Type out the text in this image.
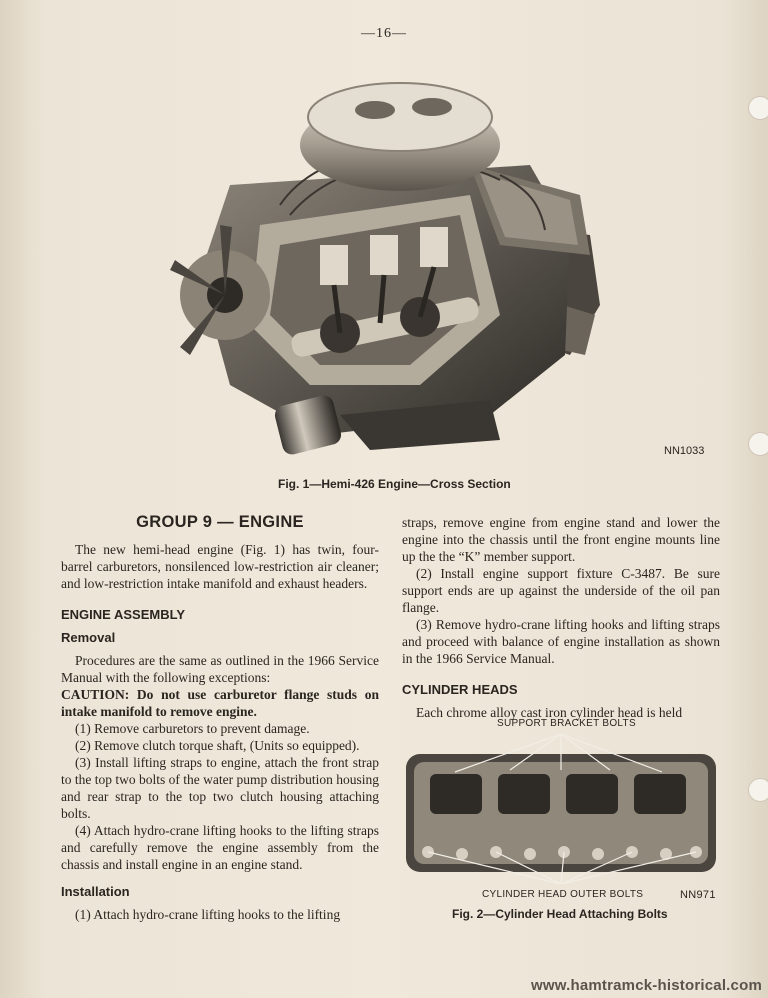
—16—
NN1033
Fig. 1—Hemi-426 Engine—Cross Section
GROUP 9 — ENGINE

The new hemi-head engine (Fig. 1) has twin, four-barrel carburetors, nonsilenced low-restriction air cleaner; and low-restriction intake manifold and exhaust headers.

ENGINE ASSEMBLY
Removal

Procedures are the same as outlined in the 1966 Service Manual with the following exceptions:

CAUTION: Do not use carburetor flange studs on intake manifold to remove engine.

(1) Remove carburetors to prevent damage.

(2) Remove clutch torque shaft, (Units so equipped).

(3) Install lifting straps to engine, attach the front strap to the top two bolts of the water pump distribution housing and rear strap to the top two clutch housing attaching bolts.

(4) Attach hydro-crane lifting hooks to the lifting straps and carefully remove the engine assembly from the chassis and install engine in an engine stand.

Installation

(1) Attach hydro-crane lifting hooks to the lifting

straps, remove engine from engine stand and lower the engine into the chassis until the front engine mounts line up the the “K” member support.

(2) Install engine support fixture C-3487. Be sure support ends are up against the underside of the oil pan flange.

(3) Remove hydro-crane lifting hooks and lifting straps and proceed with balance of engine installation as shown in the 1966 Service Manual.

CYLINDER HEADS

Each chrome alloy cast iron cylinder head is held

SUPPORT BRACKET BOLTS
CYLINDER HEAD OUTER BOLTS	NN971
Fig. 2—Cylinder Head Attaching Bolts
www.hamtramck-historical.com
